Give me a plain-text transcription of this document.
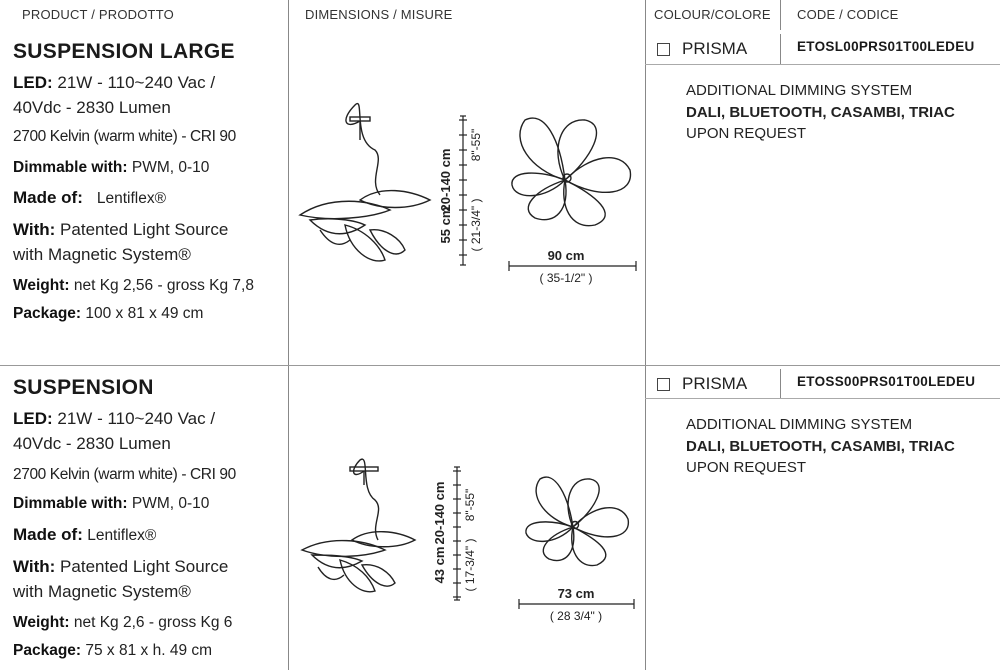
PRODUCT / PRODOTTO	DIMENSIONS / MISURE	COLOUR/COLORE CODE / CODICE
SUSPENSION LARGE
LED: 21W - 110~240 Vac /
40Vdc - 2830 Lumen
2700 Kelvin (warm white) - CRI 90
Dimmable with: PWM, 0-10
Made of: Lentiflex®
With: Patented Light Source
with Magnetic System®
Weight: net Kg 2,56 - gross Kg 7,8
Package: 100 x 81 x 49 cm
PRISMA	ETOSL00PRS01T00LEDEU
ADDITIONAL DIMMING SYSTEM
DALI, BLUETOOTH, CASAMBI, TRIAC
UPON REQUEST
20-140 cm
8"-55"
55 cm ( 21-3/4" )
90 cm
( 35-1/2" )
SUSPENSION
LED: 21W - 110~240 Vac /
40Vdc - 2830 Lumen
2700 Kelvin (warm white) - CRI 90
Dimmable with: PWM, 0-10
Made of: Lentiflex®
With: Patented Light Source
with Magnetic System®
Weight: net Kg 2,6 - gross Kg 6
Package: 75 x 81 x h. 49 cm
PRISMA	ETOSS00PRS01T00LEDEU
ADDITIONAL DIMMING SYSTEM
DALI, BLUETOOTH, CASAMBI, TRIAC
UPON REQUEST
20-140 cm 8"-55"
43 cm ( 17-3/4" )
73 cm
( 28 3/4" )
